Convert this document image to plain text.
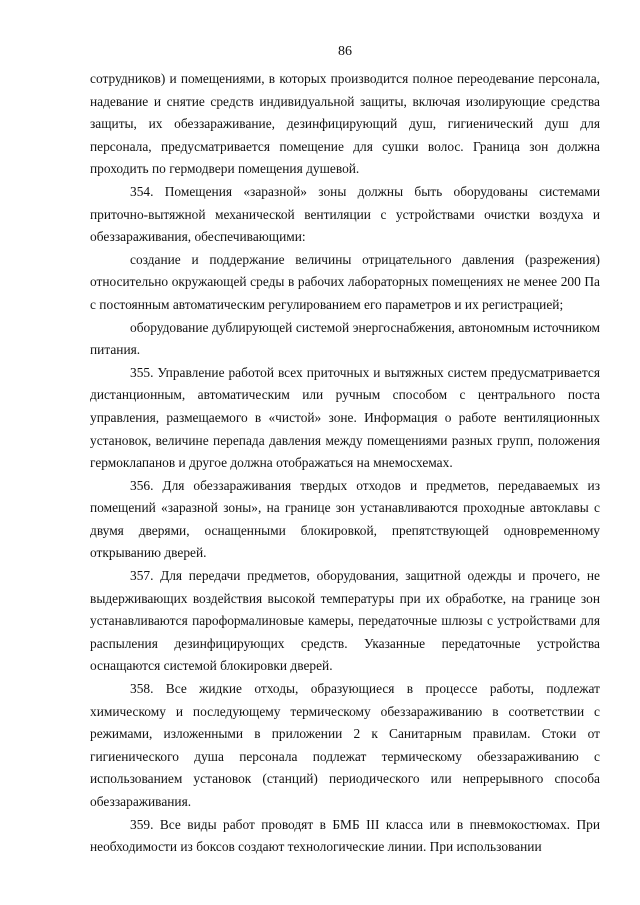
86

сотрудников) и помещениями, в которых производится полное переодевание персонала, надевание и снятие средств индивидуальной защиты, включая изолирующие средства защиты, их обеззараживание, дезинфицирующий душ, гигиенический душ для персонала, предусматривается помещение для сушки волос. Граница зон должна проходить по гермодвери помещения душевой.

354. Помещения «заразной» зоны должны быть оборудованы системами приточно-вытяжной механической вентиляции с устройствами очистки воздуха и обеззараживания, обеспечивающими:

создание и поддержание величины отрицательного давления (разрежения) относительно окружающей среды в рабочих лабораторных помещениях не менее 200 Па с постоянным автоматическим регулированием его параметров и их регистрацией;

оборудование дублирующей системой энергоснабжения, автономным источником питания.

355. Управление работой всех приточных и вытяжных систем предусматривается дистанционным, автоматическим или ручным способом с центрального поста управления, размещаемого в «чистой» зоне. Информация о работе вентиляционных установок, величине перепада давления между помещениями разных групп, положения гермоклапанов и другое должна отображаться на мнемосхемах.

356. Для обеззараживания твердых отходов и предметов, передаваемых из помещений «заразной зоны», на границе зон устанавливаются проходные автоклавы с двумя дверями, оснащенными блокировкой, препятствующей одновременному открыванию дверей.

357. Для передачи предметов, оборудования, защитной одежды и прочего, не выдерживающих воздействия высокой температуры при их обработке, на границе зон устанавливаются пароформалиновые камеры, передаточные шлюзы с устройствами для распыления дезинфицирующих средств. Указанные передаточные устройства оснащаются системой блокировки дверей.

358. Все жидкие отходы, образующиеся в процессе работы, подлежат химическому и последующему термическому обеззараживанию в соответствии с режимами, изложенными в приложении 2 к Санитарным правилам. Стоки от гигиенического душа персонала подлежат термическому обеззараживанию с использованием установок (станций) периодического или непрерывного способа обеззараживания.

359. Все виды работ проводят в БМБ III класса или в пневмокостюмах. При необходимости из боксов создают технологические линии. При использовании
